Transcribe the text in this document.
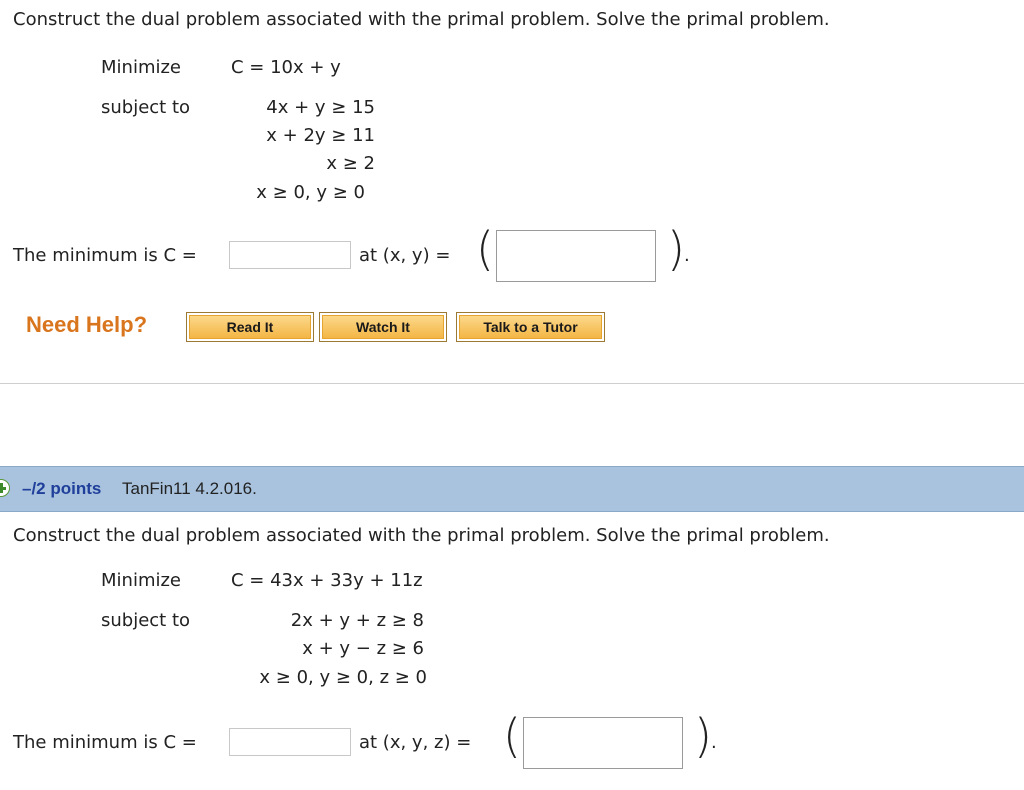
Construct the dual problem associated with the primal problem. Solve the primal problem.
Minimize	C = 10x + y
subject to	4x + y ≥ 15
x + 2y ≥ 11
x ≥ 2
x ≥ 0, y ≥ 0
The minimum is C =	at (x, y) = (	) .
Need Help?	Read It	Watch It	Talk to a Tutor
–/2 points TanFin11 4.2.016.
Construct the dual problem associated with the primal problem. Solve the primal problem.
Minimize	C = 43x + 33y + 11z
subject to	2x + y + z ≥ 8
x + y − z ≥ 6
x ≥ 0, y ≥ 0, z ≥ 0
The minimum is C =	at (x, y, z) = (	) .
